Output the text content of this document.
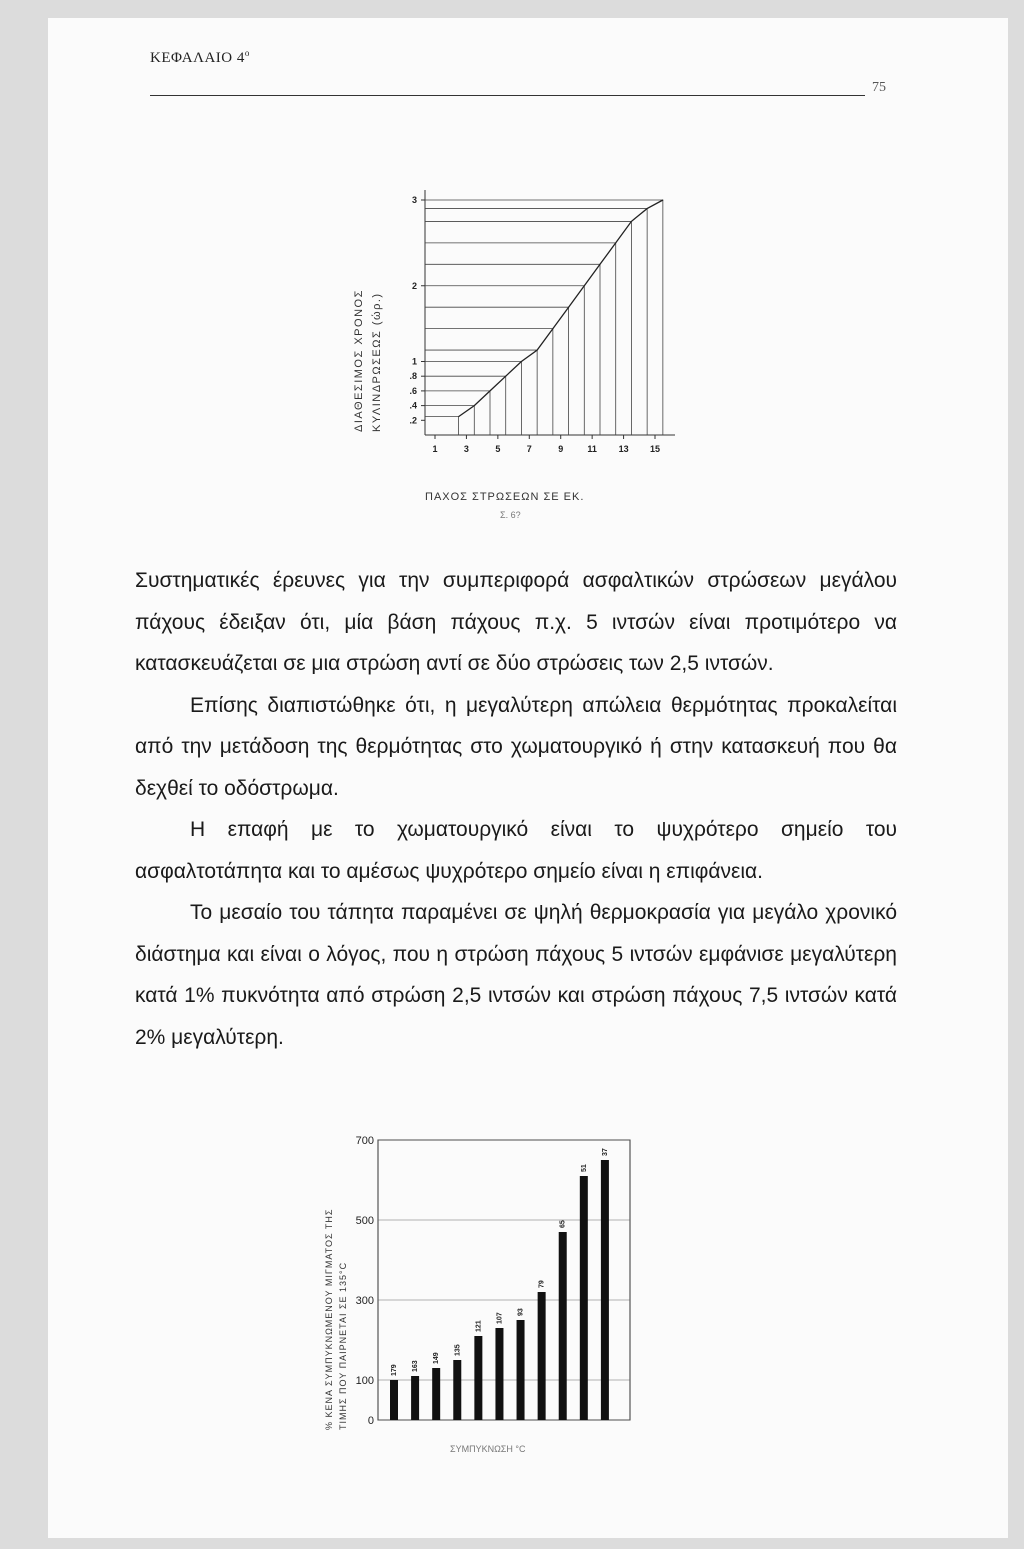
ΚΕΦΑΛΑΙΟ $4^o$
75
ΔΙΑΘΕΣΙΜΟΣ ΧΡΟΝΟΣ ΚΥΛΙΝΔΡΩΣΕΩΣ (ώρ.)	.2
.4
.6
.8
1
2
3
1	3	5	7	9	11 13 15
ΠΑΧΟΣ ΣΤΡΩΣΕΩΝ ΣΕ ΕΚ.
Σ. 6?

Συστηματικές έρευνες για την συμπεριφορά ασφαλτικών στρώσεων μεγάλου πάχους έδειξαν ότι, μία βάση πάχους π.χ. 5 ιντσών είναι προτιμότερο να κατασκευάζεται σε μια στρώση αντί σε δύο στρώσεις των 2,5 ιντσών.

Επίσης διαπιστώθηκε ότι, η μεγαλύτερη απώλεια θερμότητας προκαλείται από την μετάδοση της θερμότητας στο χωματουργικό ή στην κατασκευή που θα δεχθεί το οδόστρωμα.

Η επαφή με το χωματουργικό είναι το ψυχρότερο σημείο του ασφαλτοτάπητα και το αμέσως ψυχρότερο σημείο είναι η επιφάνεια.

Το μεσαίο του τάπητα παραμένει σε ψηλή θερμοκρασία για μεγάλο χρονικό διάστημα και είναι ο λόγος, που η στρώση πάχους 5 ιντσών εμφάνισε μεγαλύτερη κατά 1% πυκνότητα από στρώση 2,5 ιντσών και στρώση πάχους 7,5 ιντσών κατά 2% μεγαλύτερη.

% ΚΕΝΑ ΣΥΜΠΥΚΝΩΜΕΝΟΥ ΜΙΓΜΑΤΟΣ ΤΗΣ ΤΙΜΗΣ ΠΟΥ ΠΑΙΡΝΕΤΑΙ ΣΕ 135°C 0
100
300
500
700
179 163
149
135
121
107
93
79
65
51
37
ΣΥΜΠΥΚΝΩΣΗ °C
